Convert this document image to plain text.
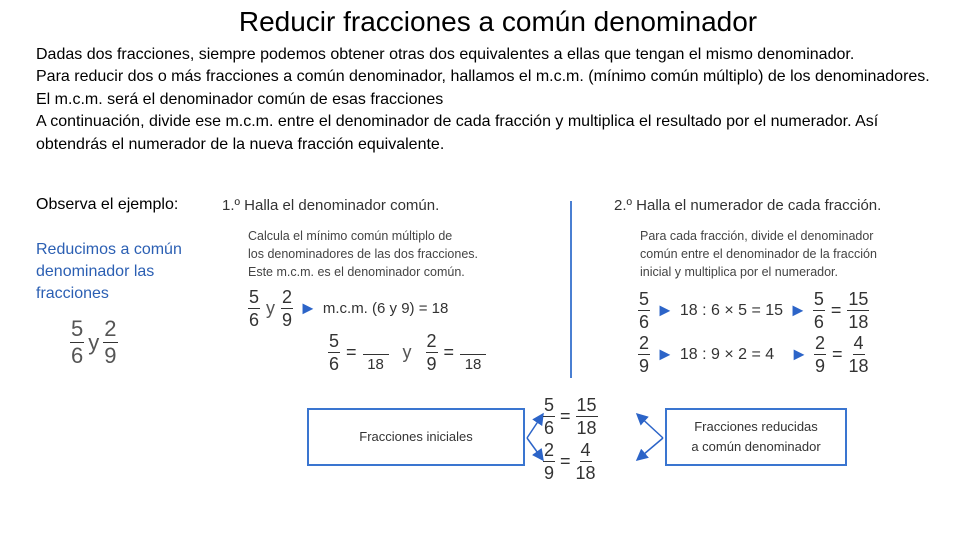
Reducir fracciones a común denominador
Dadas dos fracciones, siempre podemos obtener otras dos equivalentes a ellas que tengan el mismo denominador.
Para reducir dos o más fracciones a común denominador, hallamos el m.c.m. (mínimo común múltiplo) de los denominadores. El m.c.m. será el denominador común de esas fracciones
A continuación, divide ese m.c.m. entre el denominador de cada fracción y multiplica el resultado por el numerador. Así obtendrás el numerador de la nueva fracción equivalente.
Observa el ejemplo:
Reducimos a común denominador las fracciones
$\frac{5}{6}$ y $\frac{2}{9}$
1.º Halla el denominador común.
Calcula el mínimo común múltiplo de
los denominadores de las dos fracciones.
Este m.c.m. es el denominador común.
$\frac{5}{6}$ y $\frac{2}{9}$ ► m.c.m. (6 y 9) = 18
$\frac{5}{6}$ =

18
y $\frac{2}{9}$ =

18
2.º Halla el numerador de cada fracción.
Para cada fracción, divide el denominador
común entre el denominador de la fracción
inicial y multiplica por el numerador.
$\frac{5}{6}$ ► 18 : 6 × 5 = 15 ► $\frac{5}{6} = \frac{15}{18}$
$\frac{2}{9}$ ► 18 : 9 × 2 = 4 ► $\frac{2}{9} = \frac{4}{18}$
Fracciones iniciales
Fracciones reducidas
a común denominador
$\frac{5}{6} = \frac{15}{18}$
$\frac{2}{9} = \frac{4}{18}$
